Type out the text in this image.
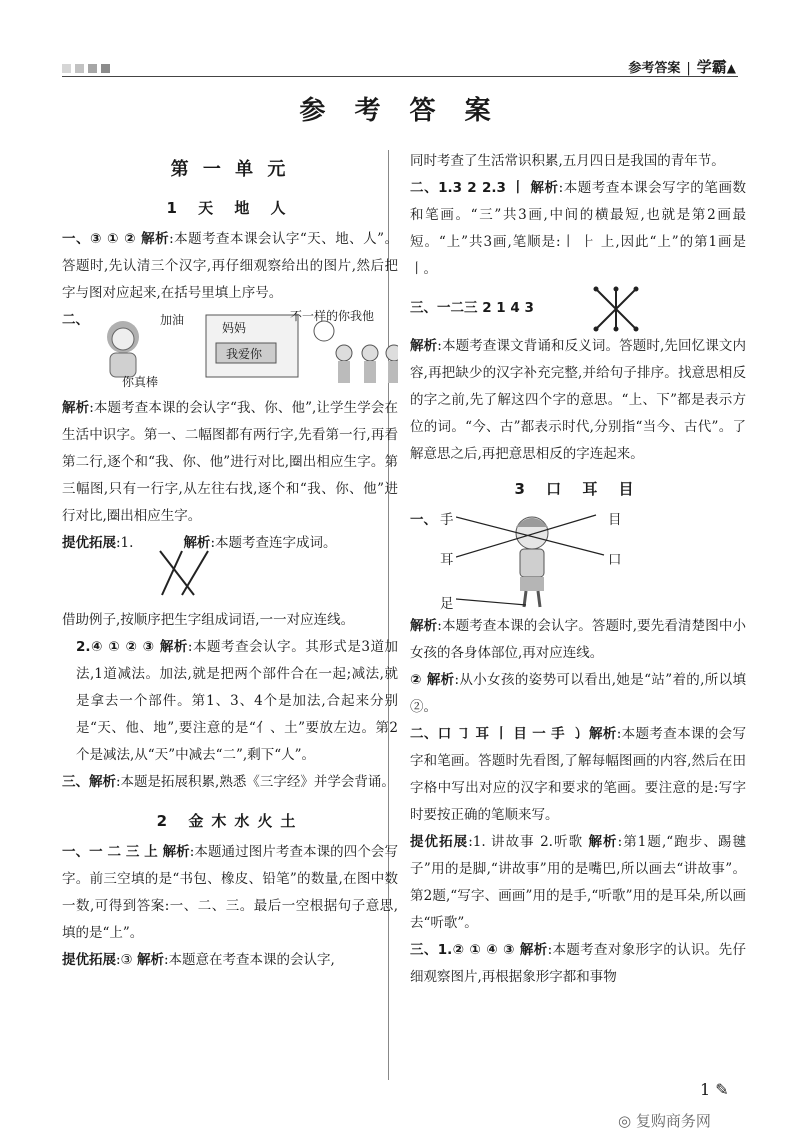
参考答案 | 学霸▲
参 考 答 案
第 一 单 元
1 天 地 人

一、③ ① ② 解析:本题考查本课会认字“天、地、人”。答题时,先认清三个汉字,再仔细观察给出的图片,然后把字与图对应起来,在括号里填上序号。

二、	加油
你真棒
妈妈
我爱你
不一样的你我他

解析:本题考查本课的会认字“我、你、他”,让学生学会在生活中识字。第一、二幅图都有两行字,先看第一行,再看第二行,逐个和“我、你、他”进行对比,圈出相应生字。第三幅图,只有一行字,从左往右找,逐个和“我、你、他”进行对比,圈出相应生字。

提优拓展:1.	解析:本题考查连字成词。

借助例子,按顺序把生字组成词语,一一对应连线。

2.④ ① ② ③ 解析:本题考查会认字。其形式是3道加法,1道减法。加法,就是把两个部件合在一起;减法,就是拿去一个部件。第1、3、4个是加法,合起来分别是“天、他、地”,要注意的是“亻、土”要放左边。第2个是减法,从“天”中减去“二”,剩下“人”。

三、解析:本题是拓展积累,熟悉《三字经》并学会背诵。

2 金木水火土

一、一 二 三 上 解析:本题通过图片考查本课的四个会写字。前三空填的是“书包、橡皮、铅笔”的数量,在图中数一数,可得到答案:一、二、三。最后一空根据句子意思,填的是“上”。

提优拓展:③ 解析:本题意在考查本课的会认字,

同时考查了生活常识积累,五月四日是我国的青年节。

二、1.3 2 2.3 丨 解析:本题考查本课会写字的笔画数和笔画。“三”共3画,中间的横最短,也就是第2画最短。“上”共3画,笔顺是:丨 ⺊ 上,因此“上”的第1画是丨。

三、一二三 2 1 4 3

解析:本题考查课文背诵和反义词。答题时,先回忆课文内容,再把缺少的汉字补充完整,并给句子排序。找意思相反的字之前,先了解这四个字的意思。“上、下”都是表示方位的词。“今、古”都表示时代,分别指“当今、古代”。了解意思之后,再把意思相反的字连起来。

3 口 耳 目
一、 手
耳
足
目
口

解析:本题考查本课的会认字。答题时,要先看清楚图中小女孩的各身体部位,再对应连线。

② 解析:从小女孩的姿势可以看出,她是“站”着的,所以填②。

二、口 ㇆ 耳 丨 目 一 手 ㇁ 解析:本题考查本课的会写字和笔画。答题时先看图,了解每幅图画的内容,然后在田字格中写出对应的汉字和要求的笔画。要注意的是:写字时要按正确的笔顺来写。

提优拓展:1. 讲故事 2.听歌 解析:第1题,“跑步、踢毽子”用的是脚,“讲故事”用的是嘴巴,所以画去“讲故事”。第2题,“写字、画画”用的是手,“听歌”用的是耳朵,所以画去“听歌”。

三、1.② ① ④ ③ 解析:本题考查对象形字的认识。先仔细观察图片,再根据象形字都和事物

1 ✎
◎ 复购商务网
